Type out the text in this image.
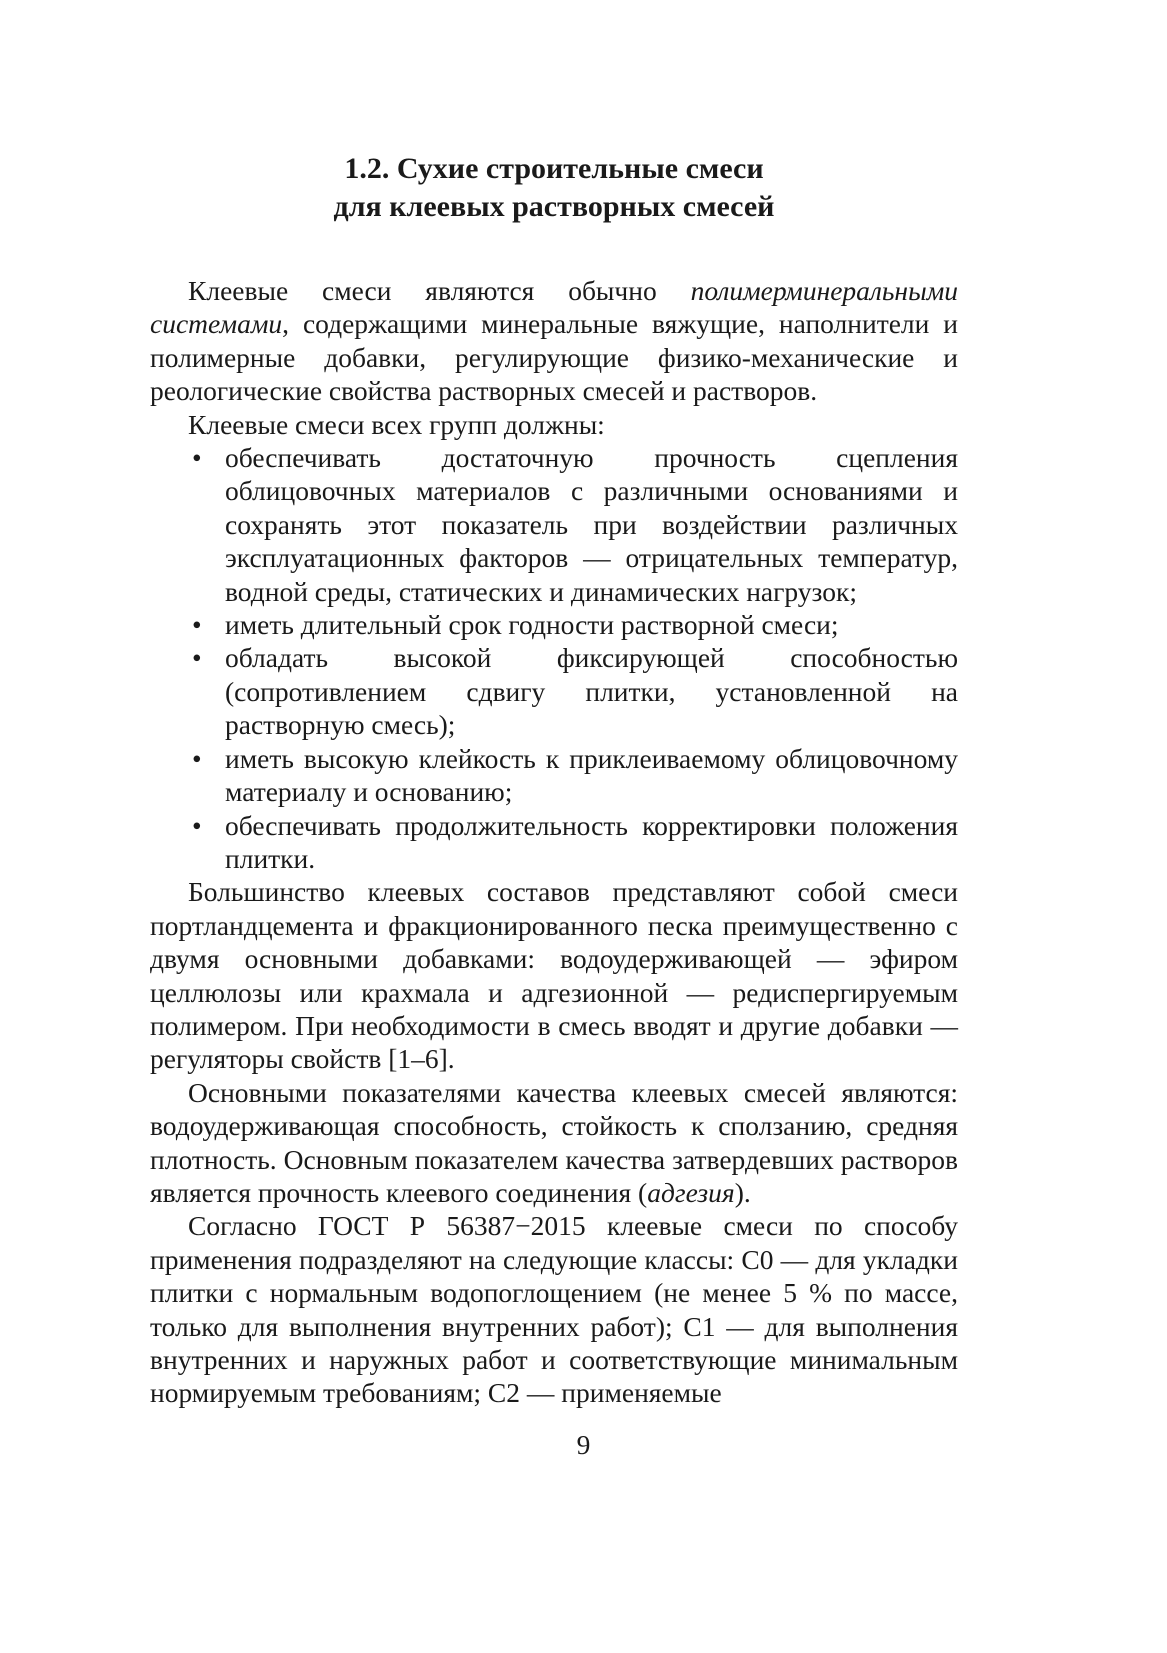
1.2. Сухие строительные смеси
для клеевых растворных смесей

Клеевые смеси являются обычно полимерминеральными системами, содержащими минеральные вяжущие, наполнители и полимерные добавки, регулирующие физико-механические и реологические свойства растворных смесей и растворов.

Клеевые смеси всех групп должны:

• обеспечивать достаточную прочность сцепления облицовочных материалов с различными основаниями и сохранять этот показатель при воздействии различных эксплуатационных факторов — отрицательных температур, водной среды, статических и динамических нагрузок;
• иметь длительный срок годности растворной смеси;
• обладать высокой фиксирующей способностью (сопротивлением сдвигу плитки, установленной на растворную смесь);
• иметь высокую клейкость к приклеиваемому облицовочному материалу и основанию;
• обеспечивать продолжительность корректировки положения плитки.

Большинство клеевых составов представляют собой смеси портландцемента и фракционированного песка преимущественно с двумя основными добавками: водоудерживающей — эфиром целлюлозы или крахмала и адгезионной — редиспергируемым полимером. При необходимости в смесь вводят и другие добавки — регуляторы свойств [1–6].

Основными показателями качества клеевых смесей являются: водоудерживающая способность, стойкость к сползанию, средняя плотность. Основным показателем качества затвердевших растворов является прочность клеевого соединения (адгезия).

Согласно ГОСТ Р 56387−2015 клеевые смеси по способу применения подразделяют на следующие классы: С0 — для укладки плитки с нормальным водопоглощением (не менее 5 % по массе, только для выполнения внутренних работ); С1 — для выполнения внутренних и наружных работ и соответствующие минимальным нормируемым требованиям; С2 — применяемые

9
